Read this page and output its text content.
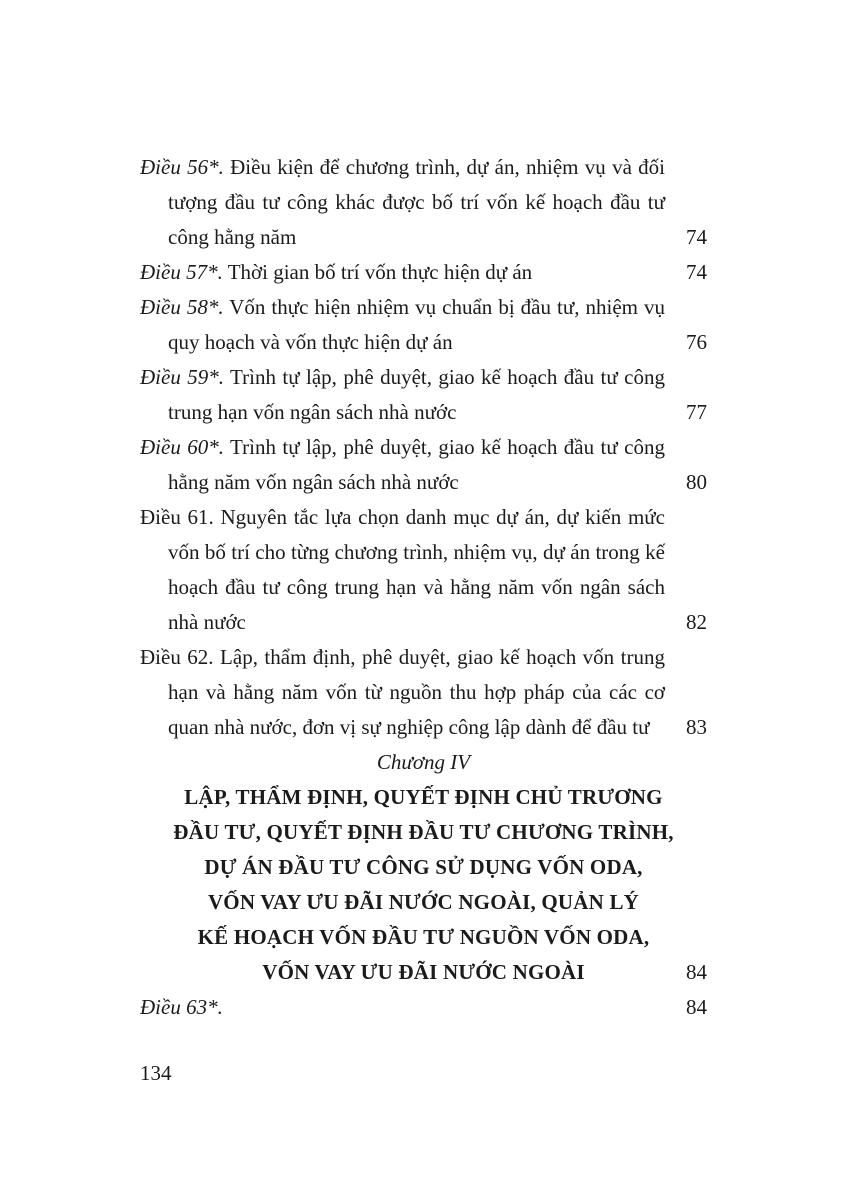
Điều 56*. Điều kiện để chương trình, dự án, nhiệm vụ và đối tượng đầu tư công khác được bố trí vốn kế hoạch đầu tư công hằng năm	74
Điều 57*. Thời gian bố trí vốn thực hiện dự án	74
Điều 58*. Vốn thực hiện nhiệm vụ chuẩn bị đầu tư, nhiệm vụ quy hoạch và vốn thực hiện dự án	76
Điều 59*. Trình tự lập, phê duyệt, giao kế hoạch đầu tư công trung hạn vốn ngân sách nhà nước	77
Điều 60*. Trình tự lập, phê duyệt, giao kế hoạch đầu tư công hằng năm vốn ngân sách nhà nước	80
Điều 61. Nguyên tắc lựa chọn danh mục dự án, dự kiến mức vốn bố trí cho từng chương trình, nhiệm vụ, dự án trong kế hoạch đầu tư công trung hạn và hằng năm vốn ngân sách nhà nước	82
Điều 62. Lập, thẩm định, phê duyệt, giao kế hoạch vốn trung hạn và hằng năm vốn từ nguồn thu hợp pháp của các cơ quan nhà nước, đơn vị sự nghiệp công lập dành để đầu tư	83
Chương IV
LẬP, THẨM ĐỊNH, QUYẾT ĐỊNH CHỦ TRƯƠNG
ĐẦU TƯ, QUYẾT ĐỊNH ĐẦU TƯ CHƯƠNG TRÌNH,
DỰ ÁN ĐẦU TƯ CÔNG SỬ DỤNG VỐN ODA,
VỐN VAY ƯU ĐÃI NƯỚC NGOÀI, QUẢN LÝ
KẾ HOẠCH VỐN ĐẦU TƯ NGUỒN VỐN ODA,
VỐN VAY ƯU ĐÃI NƯỚC NGOÀI	84
Điều 63*.	84
134
